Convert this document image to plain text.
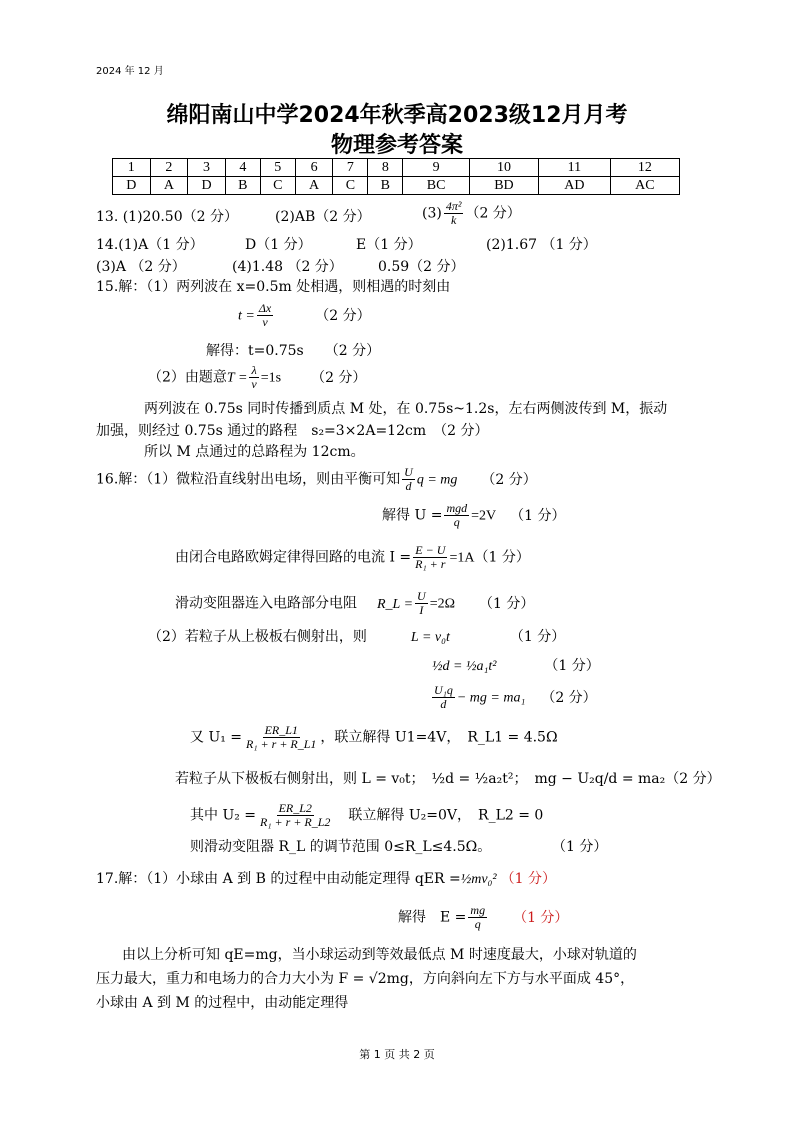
2024 年 12 月
绵阳南山中学2024年秋季高2023级12月月考
物理参考答案
1	2	3	4	5	6	7	8	9	10	11	12
D	A	D	B	C	A	C	B	BC	BD	AD	AC
13. (1)20.50（2 分）	(2)AB（2 分）	$(3) \frac{\text{4π²}}{k} (2$ 分）
14.(1)A（1 分）	D（1 分）	E（1 分）	(2)1.67 （1 分）
(3)A （2 分）	(4)1.48 （2 分）	0.59（2 分）
15.解：（1）两列波在 x=0.5m 处相遇，则相遇的时刻由
$t = \frac{\Delta x}{v}$	（2 分）
解得：t=0.75s　　（2 分）
（2）由题意$T = \frac{\lambda}{v} =1s$ （2 分）
两列波在 0.75s 同时传播到质点 M 处，在 0.75s~1.2s，左右两侧波传到 M，振动
加强，则经过 0.75s 通过的路程　s₂=3×2A=12cm　（2 分）
所以 M 点通过的总路程为 12cm。
16.解：（1）微粒沿直线射出电场，则由平衡可知 $\frac{U}{d}$ q = mg （2 分）
解得 $U = \frac{\text{mgd}}{q} =2V$ （1 分）
由闭合电路欧姆定律得回路的电流 $I = \frac{E - U}{\text{R₁ + r}} =1A(1$ 分）
滑动变阻器连入电路部分电阻 R_L = $\frac{U}{I} =2\Omega$ （1 分）
（2）若粒子从上极板右侧射出，则	L = v₀t	（1 分）
½d = ½a₁t²	（1 分）
$\frac{\text{U₁q}}{d}$ − mg = ma₁ （2 分）
又 $U_1 = \frac{ER\_L1}{\text{R₁ + r + R\_L1}}$ ，联立解得 U1=4V，　R_L1 = 4.5Ω
若粒子从下极板右侧射出，则 L = v₀t；　½d = ½a₂t²；　mg − U₂q/d = ma₂（2 分）
其中 $U_2 = \frac{ER\_L2}{\text{R₁ + r + R\_L2}}$ 　联立解得 U₂=0V，　R_L2 = 0
则滑动变阻器 R_L 的调节范围 0≤R_L≤4.5Ω。	（1 分）
17.解：（1）小球由 A 到 B 的过程中由动能定理得 qER =½mv₀² （1 分）
解得　$E = \frac{mg}{q} (1$ 分）
由以上分析可知 qE=mg，当小球运动到等效最低点 M 时速度最大，小球对轨道的
压力最大，重力和电场力的合力大小为 F = √2mg，方向斜向左下方与水平面成 45°，
小球由 A 到 M 的过程中，由动能定理得
第 1 页 共 2 页
